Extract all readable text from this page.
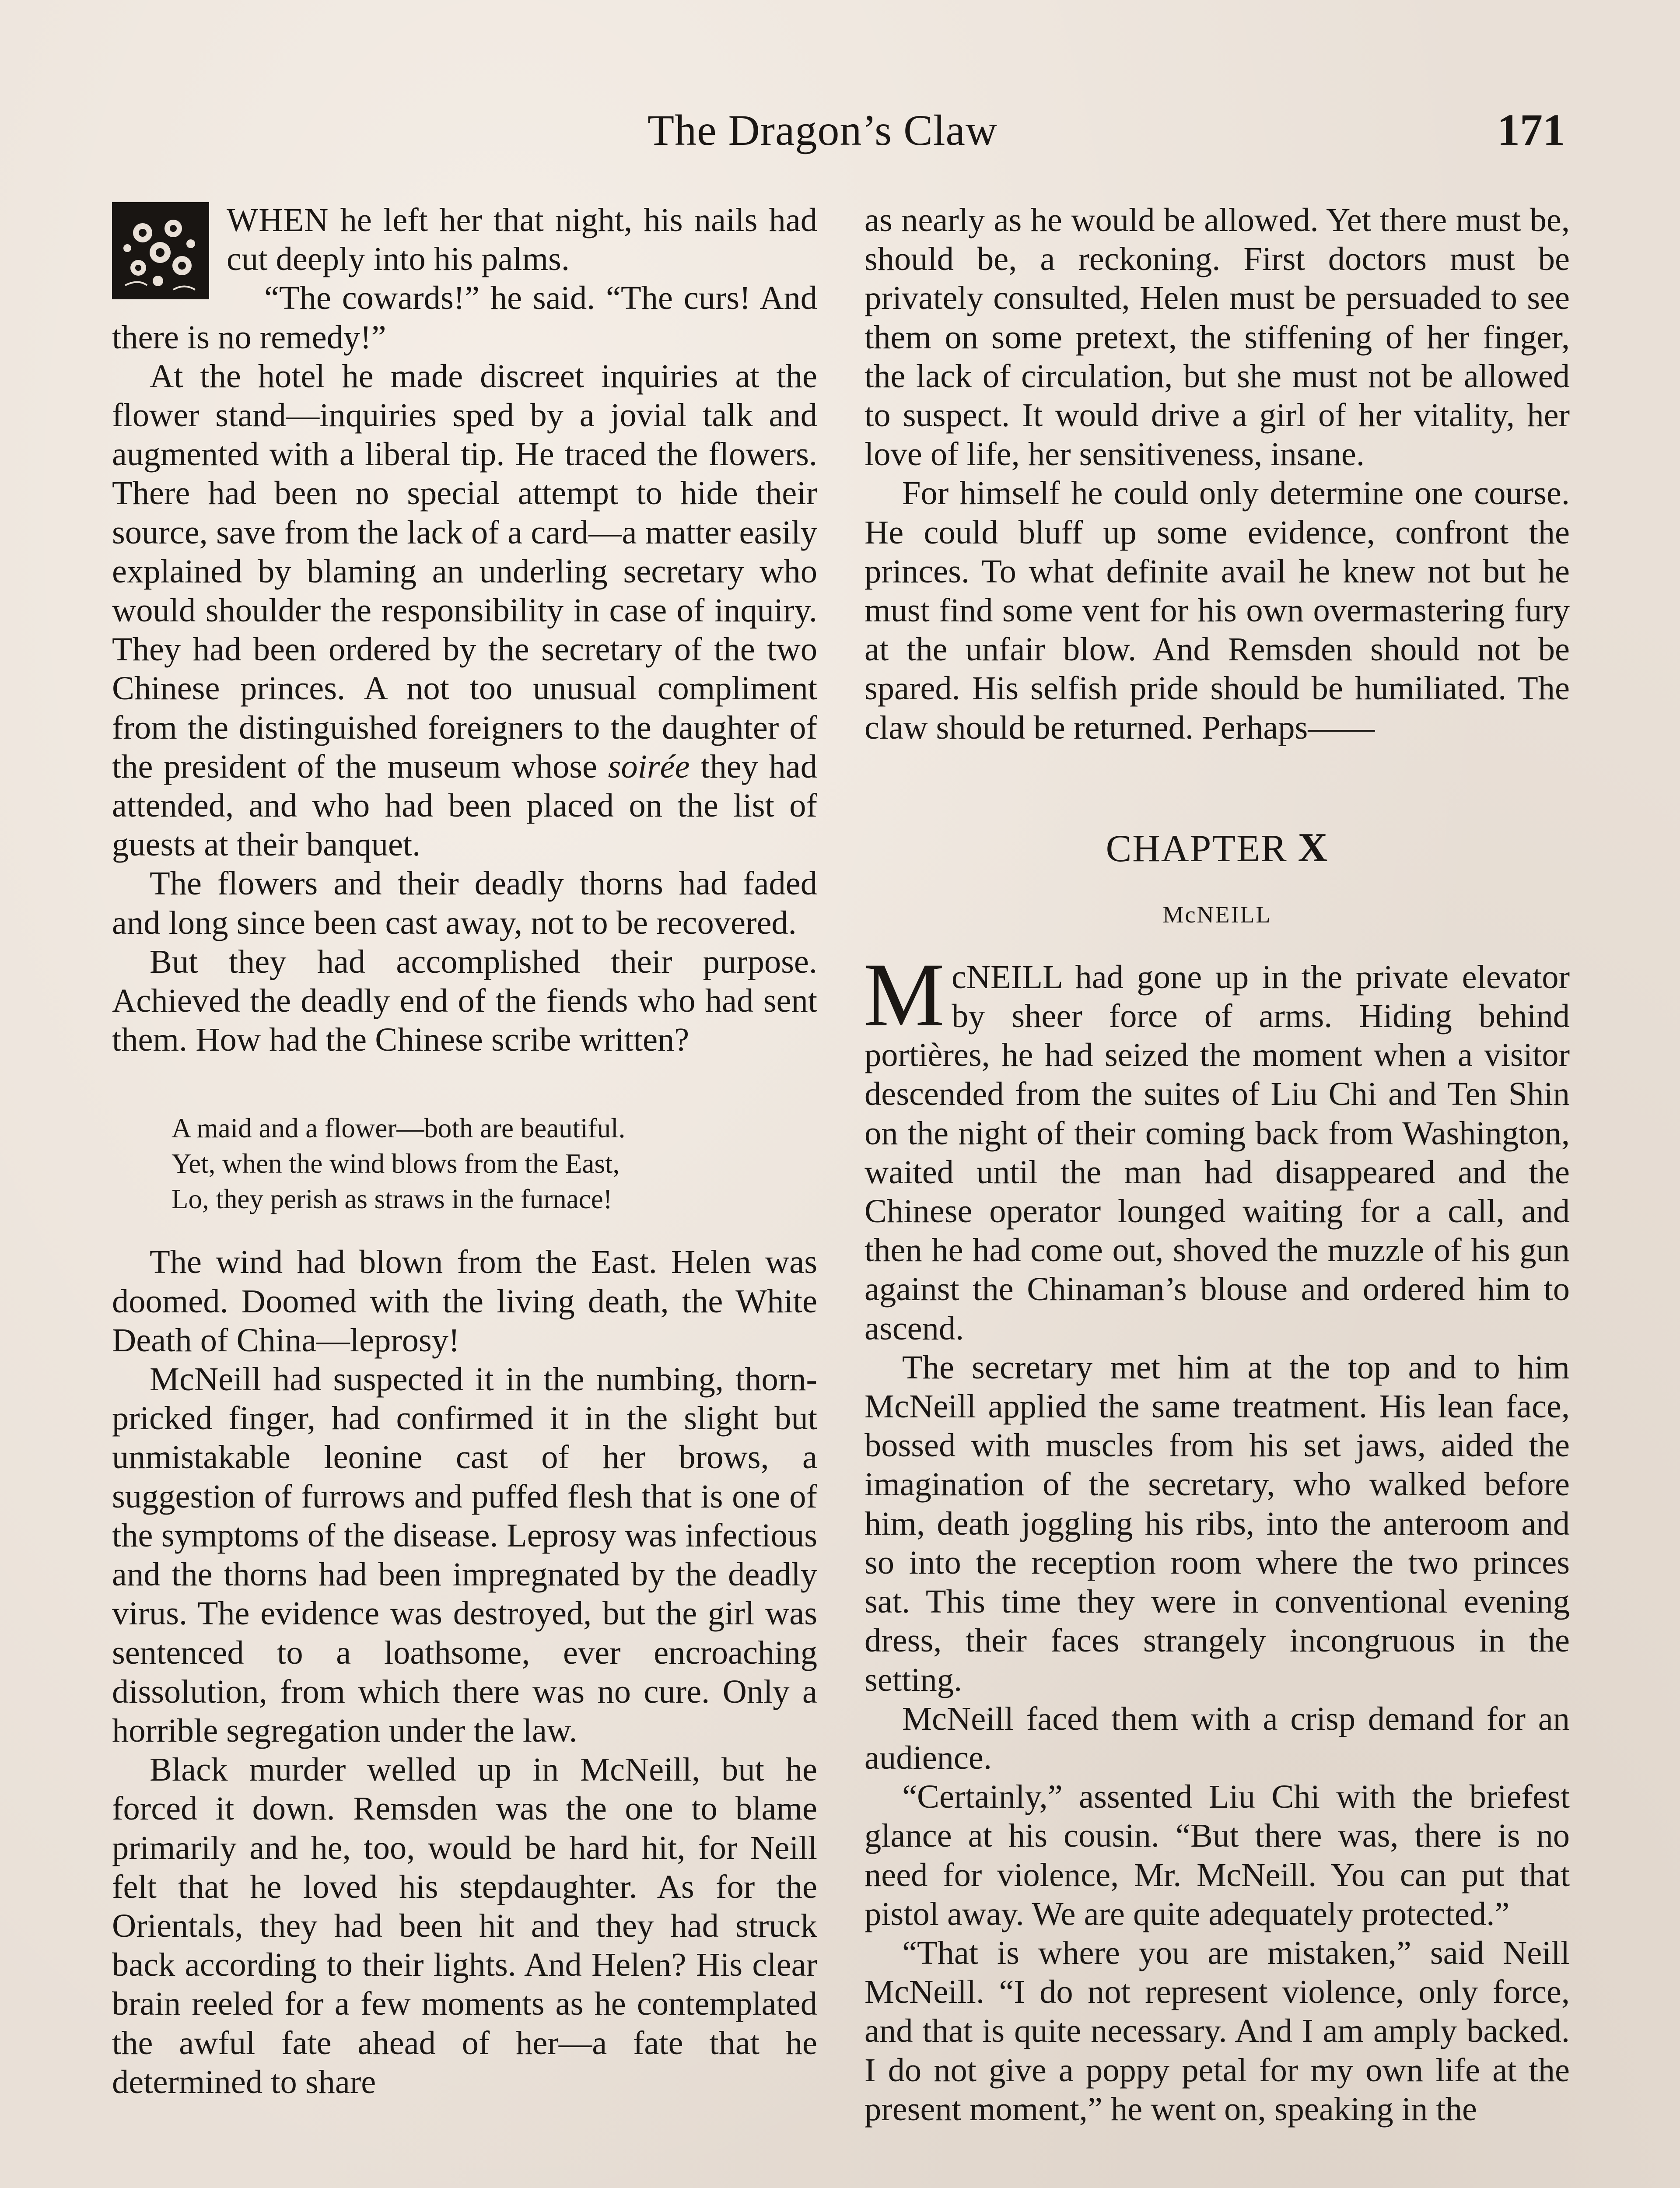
The Dragon’s Claw	171

WHEN he left her that night, his nails had cut deeply into his palms.

“The cowards!” he said. “The curs! And there is no remedy!”

At the hotel he made discreet inquiries at the flower stand—inquiries sped by a jovial talk and augmented with a liberal tip. He traced the flowers. There had been no special attempt to hide their source, save from the lack of a card—a matter easily explained by blaming an underling secretary who would shoulder the responsibility in case of inquiry. They had been ordered by the secretary of the two Chinese princes. A not too unusual compliment from the distinguished foreigners to the daughter of the president of the museum whose soirée they had attended, and who had been placed on the list of guests at their banquet.

The flowers and their deadly thorns had faded and long since been cast away, not to be recovered.

But they had accomplished their purpose. Achieved the deadly end of the fiends who had sent them. How had the Chinese scribe written?

A maid and a flower—both are beautiful.
Yet, when the wind blows from the East,
Lo, they perish as straws in the furnace!

The wind had blown from the East. Helen was doomed. Doomed with the living death, the White Death of China—leprosy!

McNeill had suspected it in the numbing, thorn-pricked finger, had confirmed it in the slight but unmistakable leonine cast of her brows, a suggestion of furrows and puffed flesh that is one of the symptoms of the disease. Leprosy was infectious and the thorns had been impregnated by the deadly virus. The evidence was destroyed, but the girl was sentenced to a loathsome, ever encroaching dissolution, from which there was no cure. Only a horrible segregation under the law.

Black murder welled up in McNeill, but he forced it down. Remsden was the one to blame primarily and he, too, would be hard hit, for Neill felt that he loved his stepdaughter. As for the Orientals, they had been hit and they had struck back according to their lights. And Helen? His clear brain reeled for a few moments as he contemplated the awful fate ahead of her—a fate that he determined to share

as nearly as he would be allowed. Yet there must be, should be, a reckoning. First doctors must be privately consulted, Helen must be persuaded to see them on some pretext, the stiffening of her finger, the lack of circulation, but she must not be allowed to suspect. It would drive a girl of her vitality, her love of life, her sensitiveness, insane.

For himself he could only determine one course. He could bluff up some evidence, confront the princes. To what definite avail he knew not but he must find some vent for his own overmastering fury at the unfair blow. And Remsden should not be spared. His selfish pride should be humiliated. The claw should be returned. Perhaps——

CHAPTER X
McNEILL

McNEILL had gone up in the private elevator by sheer force of arms. Hiding behind portières, he had seized the moment when a visitor descended from the suites of Liu Chi and Ten Shin on the night of their coming back from Washington, waited until the man had disappeared and the Chinese operator lounged waiting for a call, and then he had come out, shoved the muzzle of his gun against the Chinaman’s blouse and ordered him to ascend.

The secretary met him at the top and to him McNeill applied the same treatment. His lean face, bossed with muscles from his set jaws, aided the imagination of the secretary, who walked before him, death joggling his ribs, into the anteroom and so into the reception room where the two princes sat. This time they were in conventional evening dress, their faces strangely incongruous in the setting.

McNeill faced them with a crisp demand for an audience.

“Certainly,” assented Liu Chi with the briefest glance at his cousin. “But there was, there is no need for violence, Mr. McNeill. You can put that pistol away. We are quite adequately protected.”

“That is where you are mistaken,” said Neill McNeill. “I do not represent violence, only force, and that is quite necessary. And I am amply backed. I do not give a poppy petal for my own life at the present moment,” he went on, speaking in the
